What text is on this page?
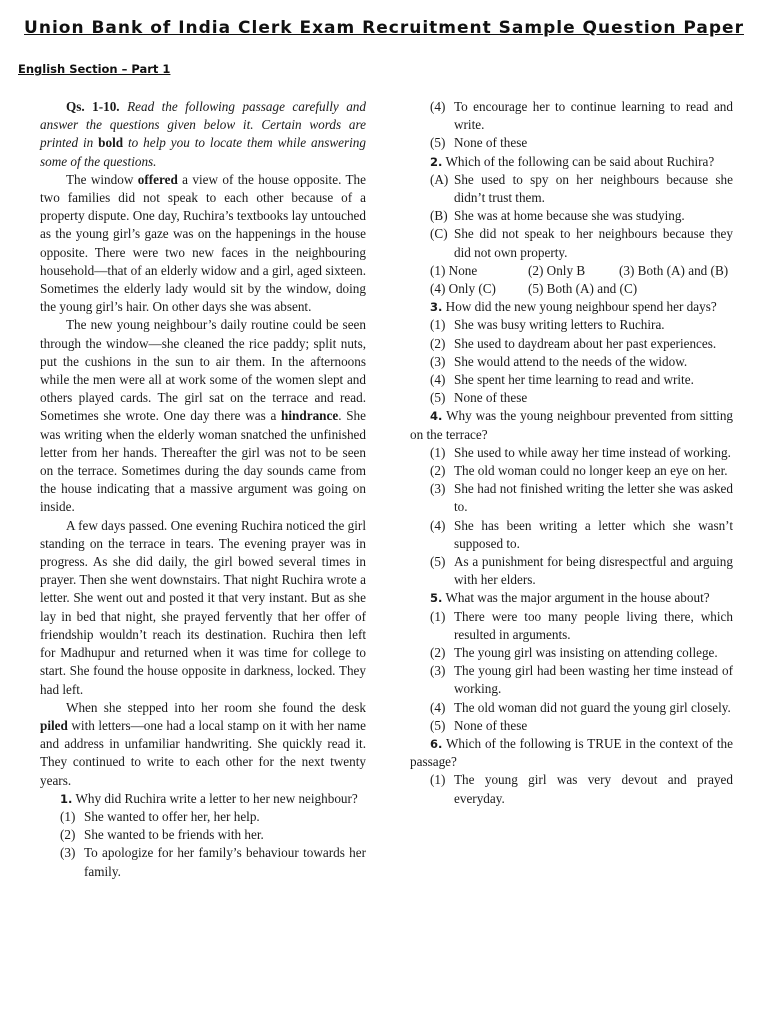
Union Bank of India Clerk Exam Recruitment Sample Question Paper
English Section – Part 1

Qs. 1-10. Read the following passage carefully and answer the questions given below it. Certain words are printed in bold to help you to locate them while answering some of the questions.

The window offered a view of the house opposite. The two families did not speak to each other because of a property dispute. One day, Ruchira’s textbooks lay untouched as the young girl’s gaze was on the happenings in the house opposite. There were two new faces in the neighbouring household—that of an elderly widow and a girl, aged sixteen. Sometimes the elderly lady would sit by the window, doing the young girl’s hair. On other days she was absent.

The new young neighbour’s daily routine could be seen through the window—she cleaned the rice paddy; split nuts, put the cushions in the sun to air them. In the afternoons while the men were all at work some of the women slept and others played cards. The girl sat on the terrace and read. Sometimes she wrote. One day there was a hindrance. She was writing when the elderly woman snatched the unfinished letter from her hands. Thereafter the girl was not to be seen on the terrace. Sometimes during the day sounds came from the house indicating that a massive argument was going on inside.

A few days passed. One evening Ruchira noticed the girl standing on the terrace in tears. The evening prayer was in progress. As she did daily, the girl bowed several times in prayer. Then she went downstairs. That night Ruchira wrote a letter. She went out and posted it that very instant. But as she lay in bed that night, she prayed fervently that her offer of friendship wouldn’t reach its destination. Ruchira then left for Madhupur and returned when it was time for college to start. She found the house opposite in darkness, locked. They had left.

When she stepped into her room she found the desk piled with letters—one had a local stamp on it with her name and address in unfamiliar handwriting. She quickly read it. They continued to write to each other for the next twenty years.

1. Why did Ruchira write a letter to her new neighbour?

(1) She wanted to offer her, her help.

(2) She wanted to be friends with her.

(3) To apologize for her family’s behaviour towards her family.

(4) To encourage her to continue learning to read and write.

(5) None of these

2. Which of the following can be said about Ruchira?

(A) She used to spy on her neighbours because she didn’t trust them.

(B) She was at home because she was studying.

(C) She did not speak to her neighbours because they did not own property.

(1) None	(2) Only B	(3) Both (A) and (B)
(4) Only (C) (5) Both (A) and (C)

3. How did the new young neighbour spend her days?

(1) She was busy writing letters to Ruchira.

(2) She used to daydream about her past experiences.

(3) She would attend to the needs of the widow.

(4) She spent her time learning to read and write.

(5) None of these

4. Why was the young neighbour prevented from sitting on the terrace?

(1) She used to while away her time instead of working.

(2) The old woman could no longer keep an eye on her.

(3) She had not finished writing the letter she was asked to.

(4) She has been writing a letter which she wasn’t supposed to.

(5) As a punishment for being disrespectful and arguing with her elders.

5. What was the major argument in the house about?

(1) There were too many people living there, which resulted in arguments.

(2) The young girl was insisting on attending college.

(3) The young girl had been wasting her time instead of working.

(4) The old woman did not guard the young girl closely.

(5) None of these

6. Which of the following is TRUE in the context of the passage?

(1) The young girl was very devout and prayed everyday.
